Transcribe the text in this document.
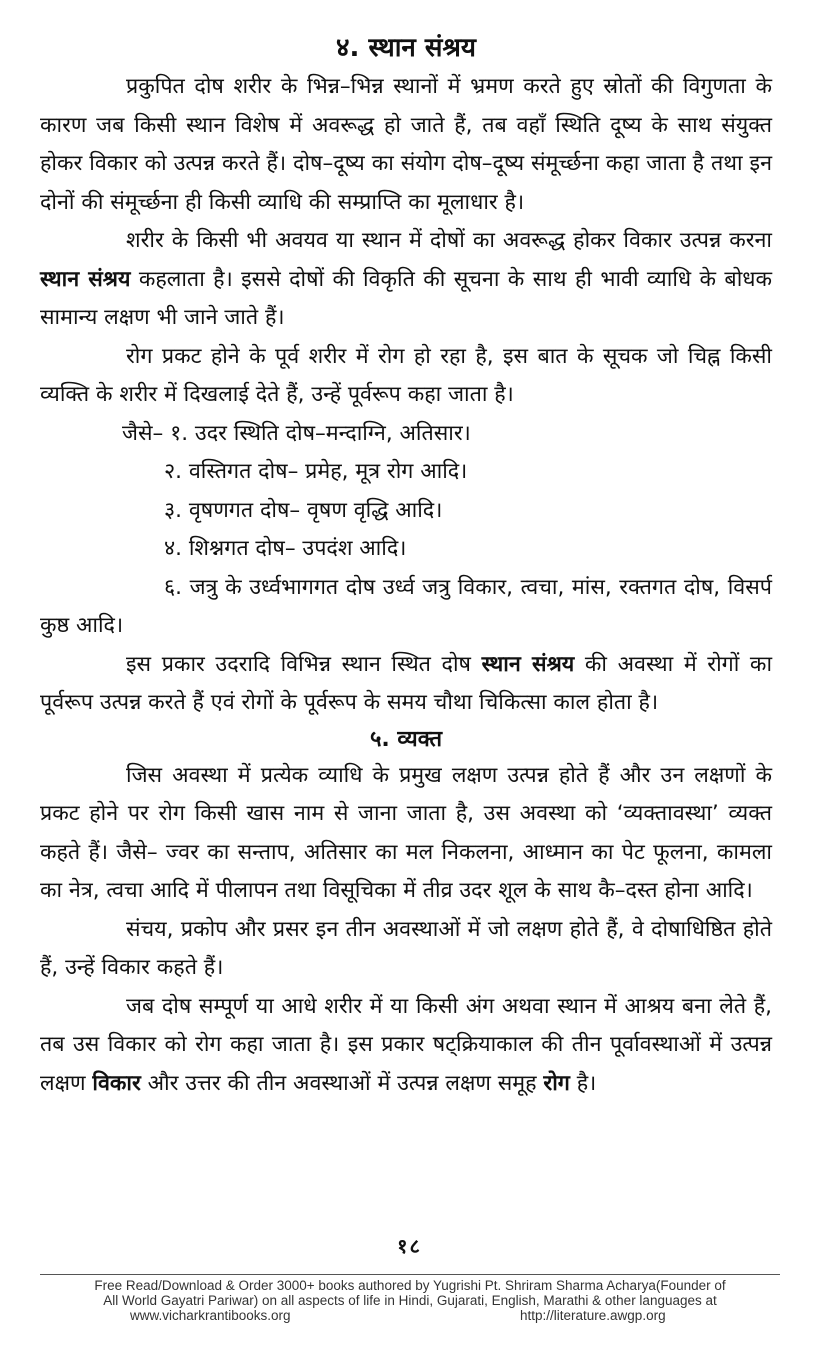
४. स्थान संश्रय

प्रकुपित दोष शरीर के भिन्न–भिन्न स्थानों में भ्रमण करते हुए स्रोतों की विगुणता के कारण जब किसी स्थान विशेष में अवरूद्ध हो जाते हैं, तब वहाँ स्थिति दूष्य के साथ संयुक्त होकर विकार को उत्पन्न करते हैं। दोष–दूष्य का संयोग दोष–दूष्य संमूर्च्छना कहा जाता है तथा इन दोनों की संमूर्च्छना ही किसी व्याधि की सम्प्राप्ति का मूलाधार है।

शरीर के किसी भी अवयव या स्थान में दोषों का अवरूद्ध होकर विकार उत्पन्न करना स्थान संश्रय कहलाता है। इससे दोषों की विकृति की सूचना के साथ ही भावी व्याधि के बोधक सामान्य लक्षण भी जाने जाते हैं।

रोग प्रकट होने के पूर्व शरीर में रोग हो रहा है, इस बात के सूचक जो चिह्न किसी व्यक्ति के शरीर में दिखलाई देते हैं, उन्हें पूर्वरूप कहा जाता है।

जैसे– १. उदर स्थिति दोष–मन्दाग्नि, अतिसार।
२. वस्तिगत दोष– प्रमेह, मूत्र रोग आदि।
३. वृषणगत दोष– वृषण वृद्धि आदि।
४. शिश्नगत दोष– उपदंश आदि।

६. जत्रु के उर्ध्वभागगत दोष उर्ध्व जत्रु विकार, त्वचा, मांस, रक्तगत दोष, विसर्प कुष्ठ आदि।

इस प्रकार उदरादि विभिन्न स्थान स्थित दोष स्थान संश्रय की अवस्था में रोगों का पूर्वरूप उत्पन्न करते हैं एवं रोगों के पूर्वरूप के समय चौथा चिकित्सा काल होता है।

५. व्यक्त

जिस अवस्था में प्रत्येक व्याधि के प्रमुख लक्षण उत्पन्न होते हैं और उन लक्षणों के प्रकट होने पर रोग किसी खास नाम से जाना जाता है, उस अवस्था को ‘व्यक्तावस्था’ व्यक्त कहते हैं। जैसे– ज्वर का सन्ताप, अतिसार का मल निकलना, आध्मान का पेट फूलना, कामला का नेत्र, त्वचा आदि में पीलापन तथा विसूचिका में तीव्र उदर शूल के साथ कै–दस्त होना आदि।

संचय, प्रकोप और प्रसर इन तीन अवस्थाओं में जो लक्षण होते हैं, वे दोषाधिष्ठित होते हैं, उन्हें विकार कहते हैं।

जब दोष सम्पूर्ण या आधे शरीर में या किसी अंग अथवा स्थान में आश्रय बना लेते हैं, तब उस विकार को रोग कहा जाता है। इस प्रकार षट्क्रियाकाल की तीन पूर्वावस्थाओं में उत्पन्न लक्षण विकार और उत्तर की तीन अवस्थाओं में उत्पन्न लक्षण समूह रोग है।

१८
Free Read/Download & Order 3000+ books authored by Yugrishi Pt. Shriram Sharma Acharya(Founder of
All World Gayatri Pariwar) on all aspects of life in Hindi, Gujarati, English, Marathi & other languages at
www.vicharkrantibooks.org	http://literature.awgp.org
